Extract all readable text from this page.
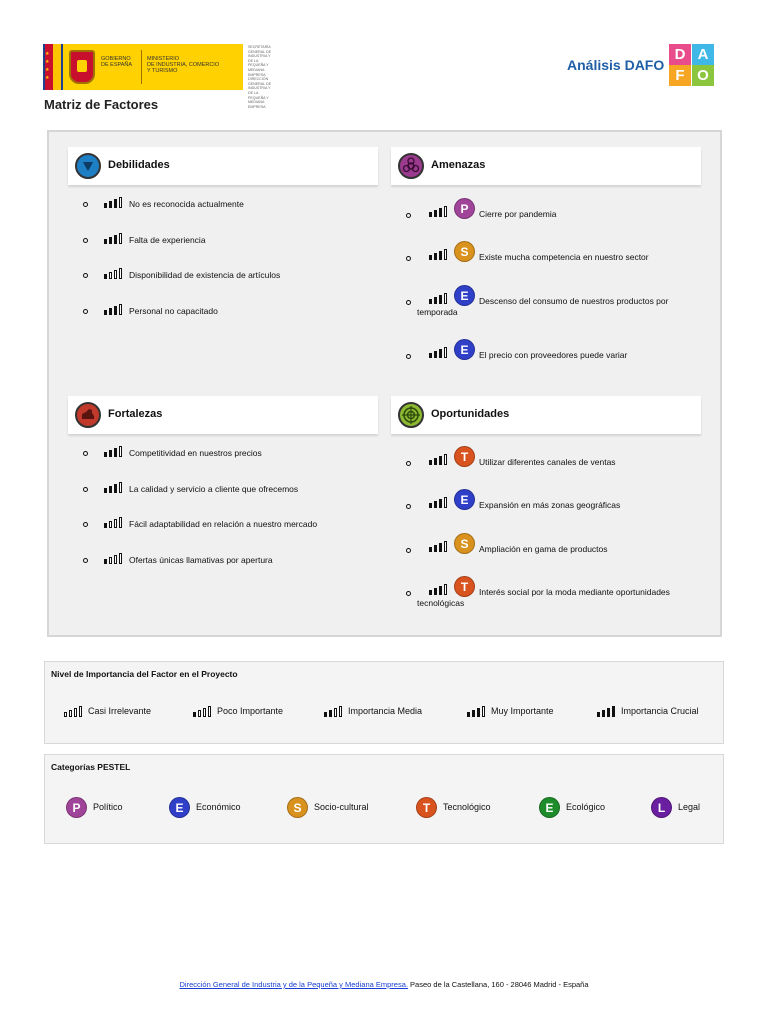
★
★
★
★
GOBIERNO
DE ESPAÑA
MINISTERIO
DE INDUSTRIA, COMERCIO
Y TURISMO
SECRETARÍA GENERAL DE INDUSTRIA Y DE LA PEQUEÑA Y MEDIANA EMPRESA · DIRECCIÓN GENERAL DE INDUSTRIA Y DE LA PEQUEÑA Y MEDIANA EMPRESA
Análisis DAFO
D A
F O
Matriz de Factores
Debilidades	Amenazas
Fortalezas	Oportunidades
No es reconocida actualmente
Falta de experiencia
Disponibilidad de existencia de artículos
Personal no capacitado
Competitividad en nuestros precios
La calidad y servicio a cliente que ofrecemos
Fácil adaptabilidad en relación a nuestro mercado
Ofertas únicas llamativas por apertura
P	Cierre por pandemia
S	Existe mucha competencia en nuestro sector
E	Descenso del consumo de nuestros productos por temporada
E	El precio con proveedores puede variar
T	Utilizar diferentes canales de ventas
E	Expansión en más zonas geográficas
S	Ampliación en gama de productos
T	Interés social por la moda mediante oportunidades tecnológicas
Nivel de Importancia del Factor en el Proyecto
Casi Irrelevante	Poco Importante	Importancia Media	Muy Importante	Importancia Crucial
Categorías PESTEL
P	Político	E	Económico	S	Socio-cultural	T	Tecnológico	E	Ecológico	L	Legal
Dirección General de Industria y de la Pequeña y Mediana Empresa. Paseo de la Castellana, 160 - 28046 Madrid - España
